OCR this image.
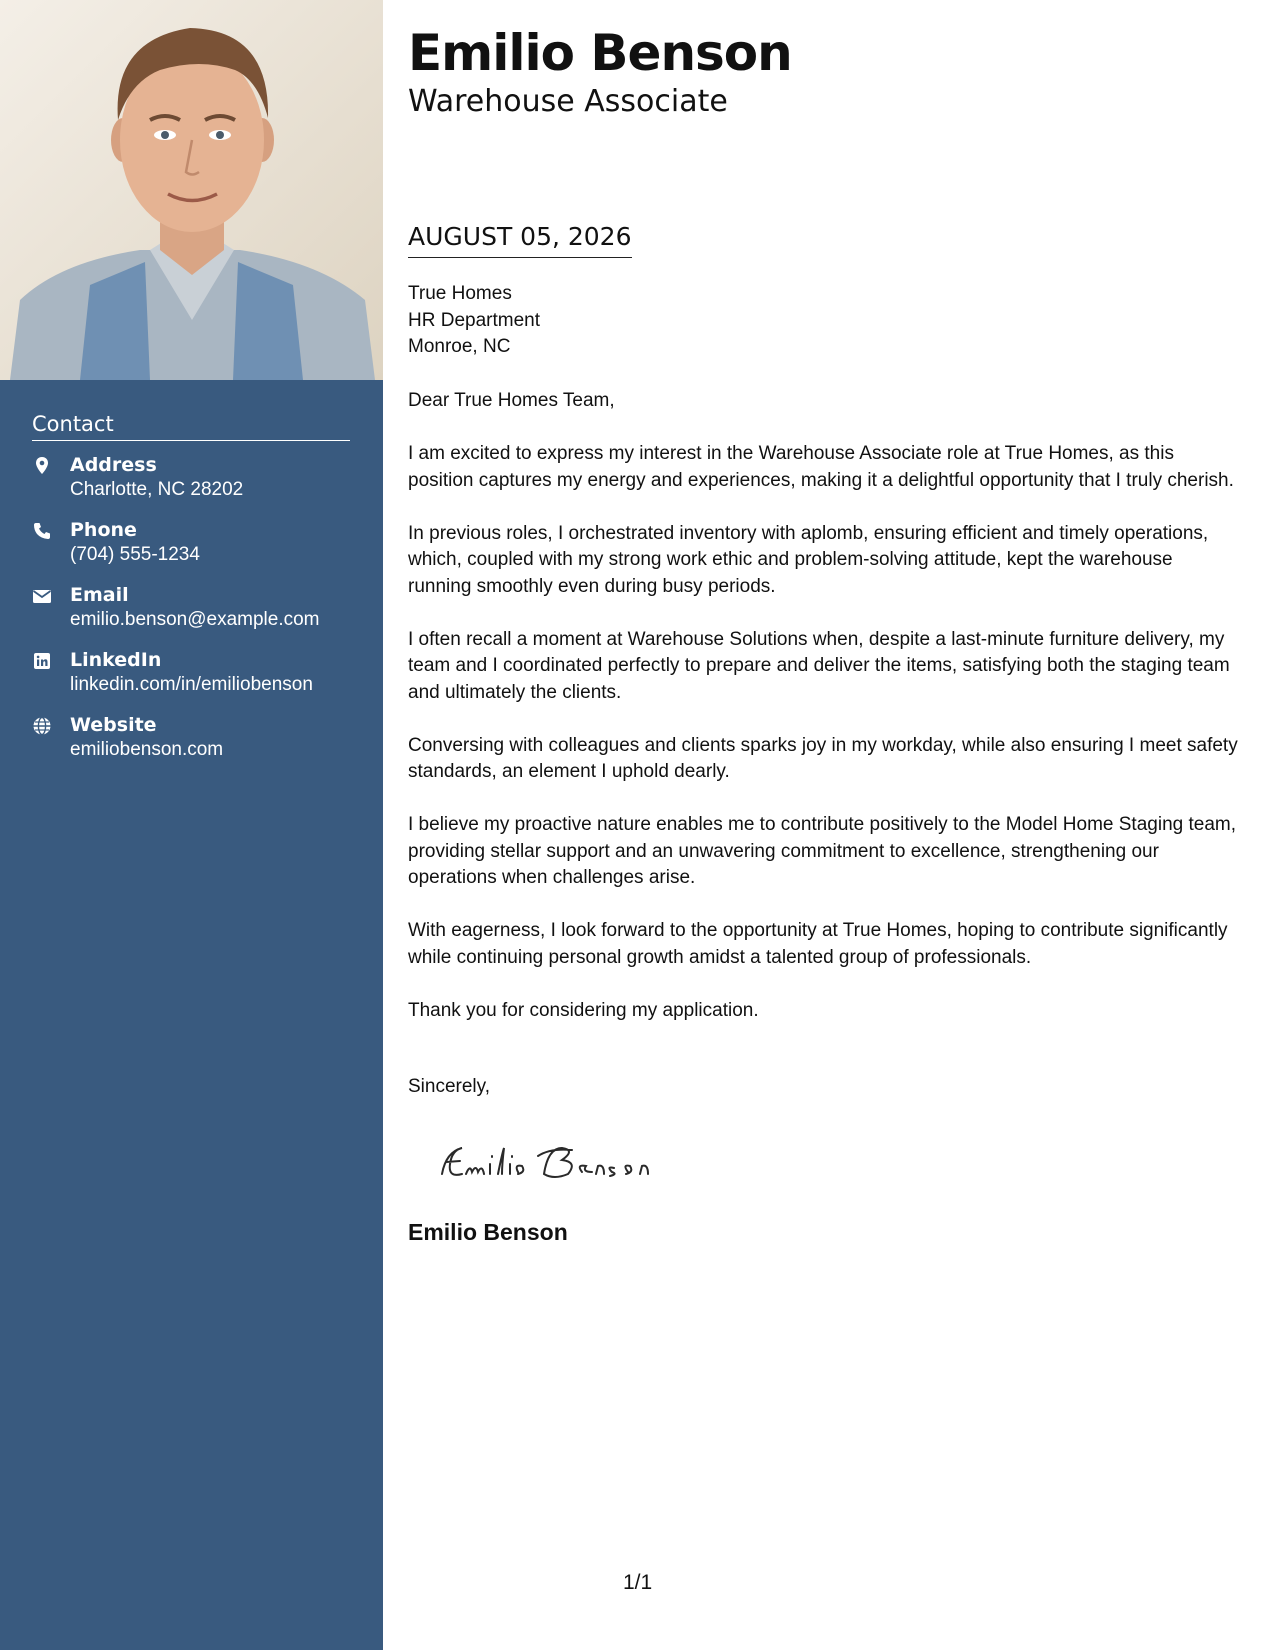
Contact
Address
Charlotte, NC 28202
Phone
(704) 555-1234
Email
emilio.benson@example.com
LinkedIn
linkedin.com/in/emiliobenson
Website
emiliobenson.com
Emilio Benson
Warehouse Associate
AUGUST 05, 2026
True Homes
HR Department
Monroe, NC

Dear True Homes Team,

I am excited to express my interest in the Warehouse Associate role at True Homes, as this position captures my energy and experiences, making it a delightful opportunity that I truly cherish.

In previous roles, I orchestrated inventory with aplomb, ensuring efficient and timely operations, which, coupled with my strong work ethic and problem-solving attitude, kept the warehouse running smoothly even during busy periods.

I often recall a moment at Warehouse Solutions when, despite a last-minute furniture delivery, my team and I coordinated perfectly to prepare and deliver the items, satisfying both the staging team and ultimately the clients.

Conversing with colleagues and clients sparks joy in my workday, while also ensuring I meet safety standards, an element I uphold dearly.

I believe my proactive nature enables me to contribute positively to the Model Home Staging team, providing stellar support and an unwavering commitment to excellence, strengthening our operations when challenges arise.

With eagerness, I look forward to the opportunity at True Homes, hoping to contribute significantly while continuing personal growth amidst a talented group of professionals.

Thank you for considering my application.

Sincerely,
Emilio Benson
1/1
